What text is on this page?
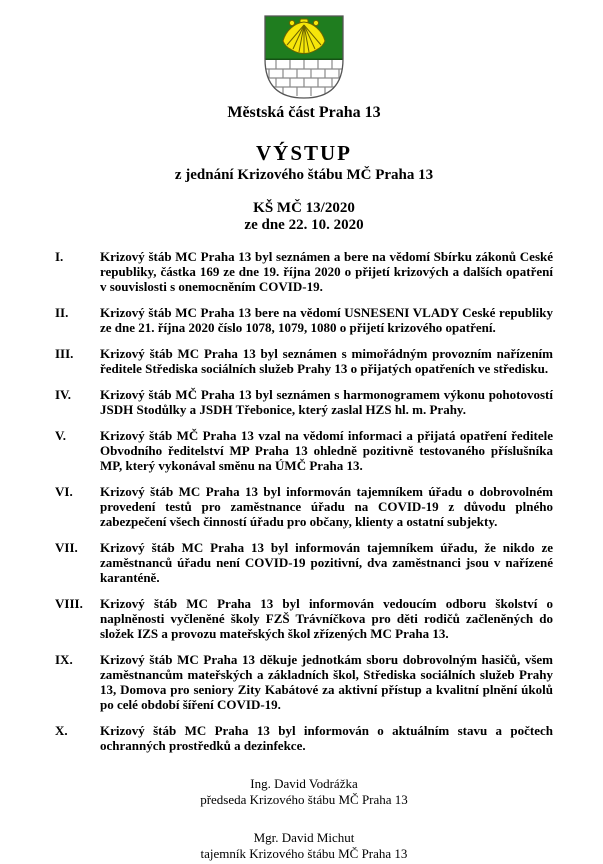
Městská část Praha 13
VÝSTUP
z jednání Krizového štábu MČ Praha 13
KŠ MČ 13/2020
ze dne 22. 10. 2020
I.	Krizový štáb MC Praha 13 byl seznámen a bere na vědomí Sbírku zákonů Ceské republiky, částka 169 ze dne 19. října 2020 o přijetí krizových a dalších opatření v souvislosti s onemocněním COVID-19.

II.	Krizový štáb MC Praha 13 bere na vědomí USNESENI VLADY Ceské republiky ze dne 21. října 2020 číslo 1078, 1079, 1080 o přijetí krizového opatření.

III.	Krizový štáb MC Praha 13 byl seznámen s mimořádným provozním nařízením ředitele Střediska sociálních služeb Prahy 13 o přijatých opatřeních ve středisku.

IV.	Krizový štáb MČ Praha 13 byl seznámen s harmonogramem výkonu pohotovostí JSDH Stodůlky a JSDH Třebonice, který zaslal HZS hl. m. Prahy.

V.	Krizový štáb MČ Praha 13 vzal na vědomí informaci a přijatá opatření ředitele Obvodního ředitelství MP Praha 13 ohledně pozitivně testovaného příslušníka MP, který vykonával směnu na ÚMČ Praha 13.

VI.	Krizový štáb MC Praha 13 byl informován tajemníkem úřadu o dobrovolném provedení testů pro zaměstnance úřadu na COVID-19 z důvodu plného zabezpečení všech činností úřadu pro občany, klienty a ostatní subjekty.

VII.	Krizový štáb MC Praha 13 byl informován tajemníkem úřadu, že nikdo ze zaměstnanců úřadu není COVID-19 pozitivní, dva zaměstnanci jsou v nařízené karanténě.

VIII.	Krizový štáb MC Praha 13 byl informován vedoucím odboru školství o naplněnosti vyčleněné školy FZŠ Trávníčkova pro děti rodičů začleněných do složek IZS a provozu mateřských škol zřízených MC Praha 13.

IX.	Krizový štáb MC Praha 13 děkuje jednotkám sboru dobrovolným hasičů, všem zaměstnancům mateřských a základních škol, Střediska sociálních služeb Prahy 13, Domova pro seniory Zity Kabátové za aktivní přístup a kvalitní plnění úkolů po celé období šíření COVID-19.

X.	Krizový štáb MC Praha 13 byl informován o aktuálním stavu a počtech ochranných prostředků a dezinfekce.

Ing. David Vodrážka
předseda Krizového štábu MČ Praha 13
Mgr. David Michut
tajemník Krizového štábu MČ Praha 13
